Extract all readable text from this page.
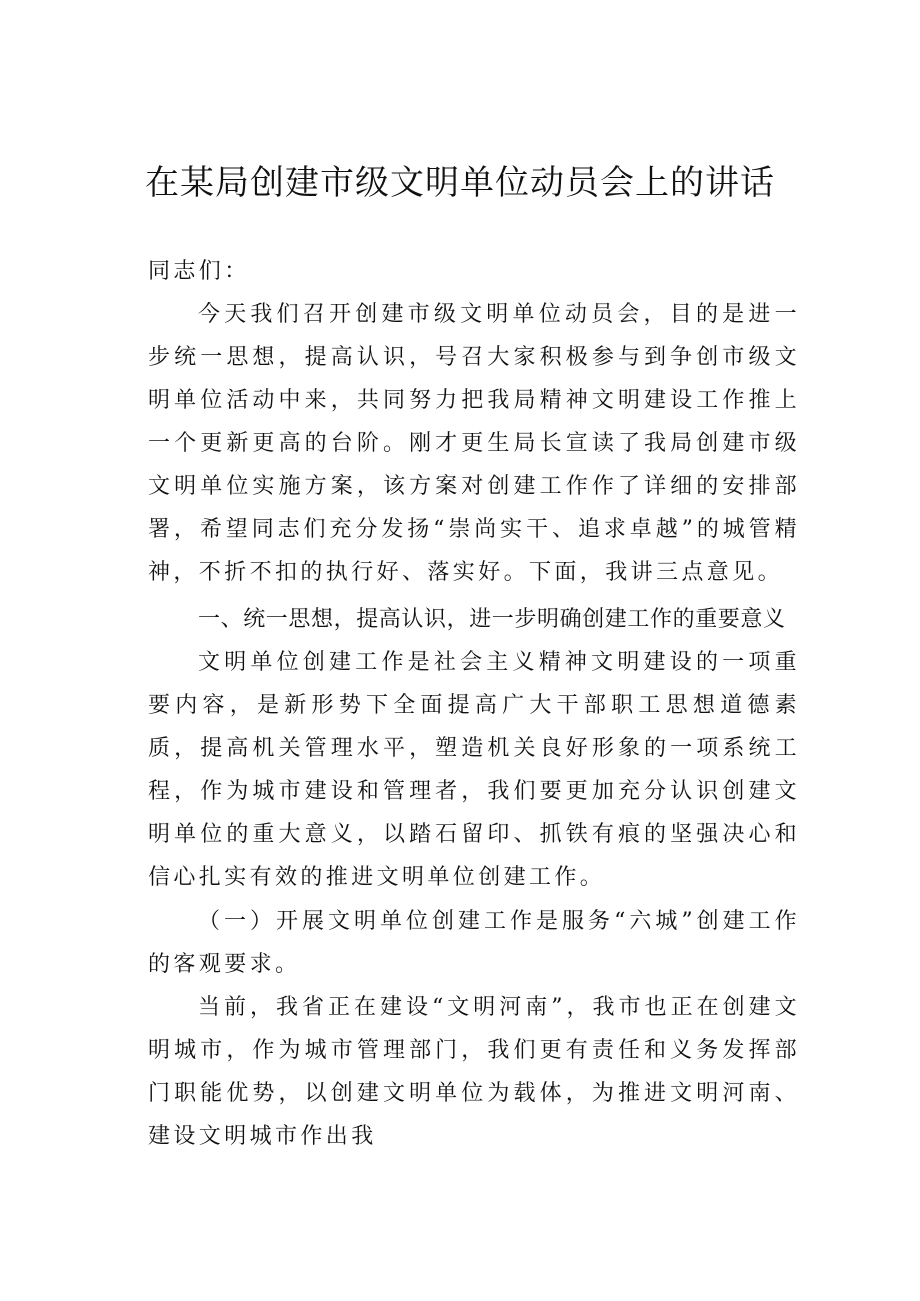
在某局创建市级文明单位动员会上的讲话

同志们：

今天我们召开创建市级文明单位动员会，目的是进一步统一思想，提高认识，号召大家积极参与到争创市级文明单位活动中来，共同努力把我局精神文明建设工作推上一个更新更高的台阶。刚才更生局长宣读了我局创建市级文明单位实施方案，该方案对创建工作作了详细的安排部署，希望同志们充分发扬“崇尚实干、追求卓越”的城管精神，不折不扣的执行好、落实好。下面，我讲三点意见。

一、统一思想，提高认识，进一步明确创建工作的重要意义

文明单位创建工作是社会主义精神文明建设的一项重要内容，是新形势下全面提高广大干部职工思想道德素质，提高机关管理水平，塑造机关良好形象的一项系统工程，作为城市建设和管理者，我们要更加充分认识创建文明单位的重大意义，以踏石留印、抓铁有痕的坚强决心和信心扎实有效的推进文明单位创建工作。

（一）开展文明单位创建工作是服务“六城”创建工作的客观要求。

当前，我省正在建设“文明河南”，我市也正在创建文明城市，作为城市管理部门，我们更有责任和义务发挥部门职能优势，以创建文明单位为载体，为推进文明河南、建设文明城市作出我
